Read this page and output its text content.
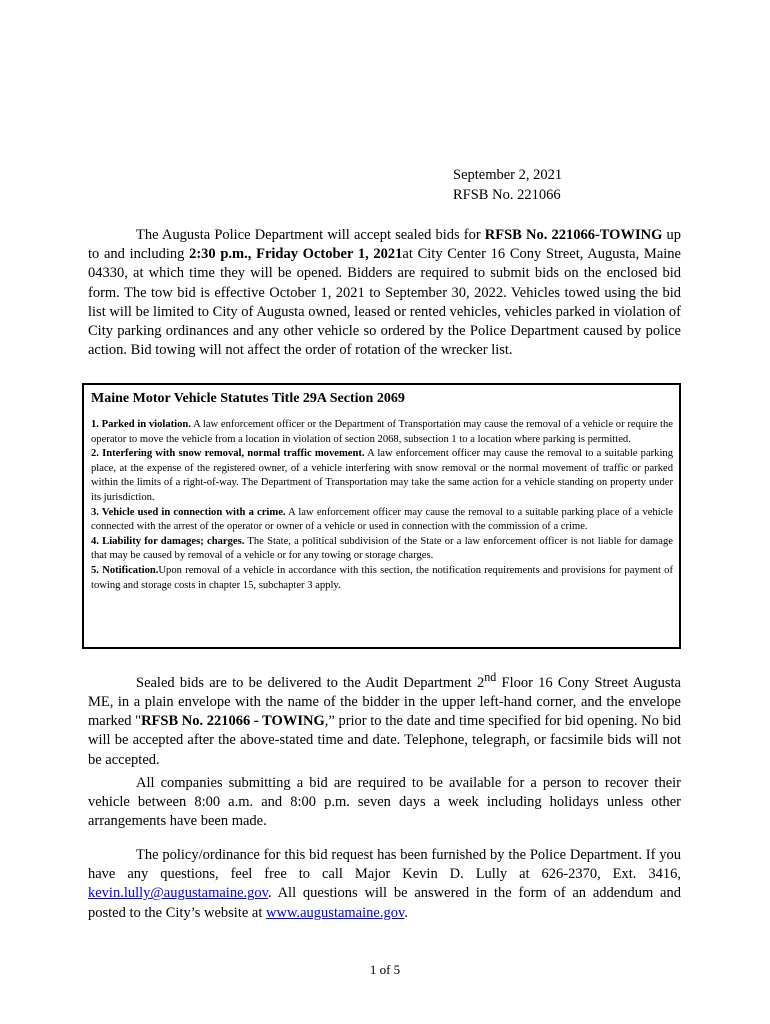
September 2, 2021
RFSB No. 221066

The Augusta Police Department will accept sealed bids for RFSB No. 221066-TOWING up to and including 2:30 p.m., Friday October 1, 2021at City Center 16 Cony Street, Augusta, Maine 04330, at which time they will be opened. Bidders are required to submit bids on the enclosed bid form. The tow bid is effective October 1, 2021 to September 30, 2022. Vehicles towed using the bid list will be limited to City of Augusta owned, leased or rented vehicles, vehicles parked in violation of City parking ordinances and any other vehicle so ordered by the Police Department caused by police action. Bid towing will not affect the order of rotation of the wrecker list.

Maine Motor Vehicle Statutes Title 29A Section 2069

1. Parked in violation. A law enforcement officer or the Department of Transportation may cause the removal of a vehicle or require the operator to move the vehicle from a location in violation of section 2068, subsection 1 to a location where parking is permitted.

2. Interfering with snow removal, normal traffic movement. A law enforcement officer may cause the removal to a suitable parking place, at the expense of the registered owner, of a vehicle interfering with snow removal or the normal movement of traffic or parked within the limits of a right-of-way. The Department of Transportation may take the same action for a vehicle standing on property under its jurisdiction.

3. Vehicle used in connection with a crime. A law enforcement officer may cause the removal to a suitable parking place of a vehicle connected with the arrest of the operator or owner of a vehicle or used in connection with the commission of a crime.

4. Liability for damages; charges. The State, a political subdivision of the State or a law enforcement officer is not liable for damage that may be caused by removal of a vehicle or for any towing or storage charges.

5. Notification.Upon removal of a vehicle in accordance with this section, the notification requirements and provisions for payment of towing and storage costs in chapter 15, subchapter 3 apply.

Sealed bids are to be delivered to the Audit Department 2nd Floor 16 Cony Street Augusta ME, in a plain envelope with the name of the bidder in the upper left-hand corner, and the envelope marked "RFSB No. 221066 - TOWING,” prior to the date and time specified for bid opening. No bid will be accepted after the above-stated time and date. Telephone, telegraph, or facsimile bids will not be accepted.

All companies submitting a bid are required to be available for a person to recover their vehicle between 8:00 a.m. and 8:00 p.m. seven days a week including holidays unless other arrangements have been made.

The policy/ordinance for this bid request has been furnished by the Police Department. If you have any questions, feel free to call Major Kevin D. Lully at 626-2370, Ext. 3416, kevin.lully@augustamaine.gov. All questions will be answered in the form of an addendum and posted to the City’s website at www.augustamaine.gov.

1 of 5
